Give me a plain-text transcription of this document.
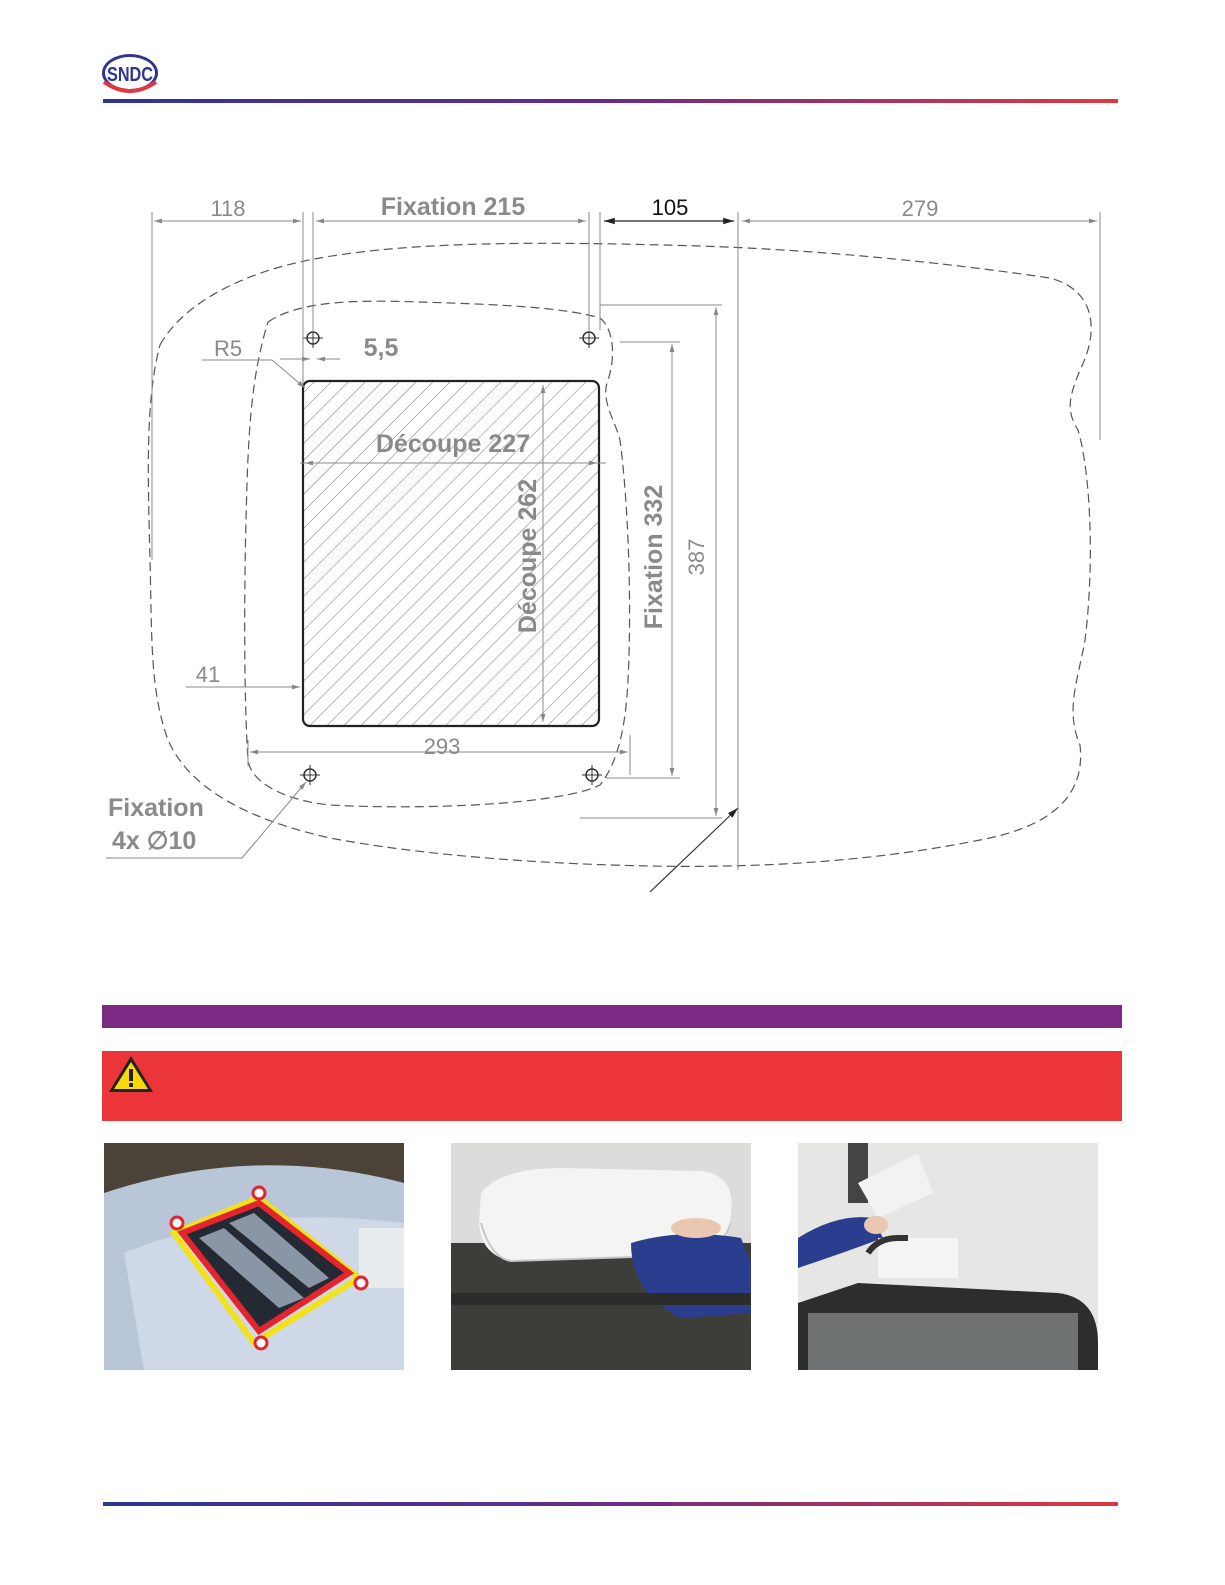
SNDC
118	Fixation 215	279
R5	5,5
Découpe 227
41
293
Découpe 262	Fixation 332 387
Fixation
4x ∅10
105
